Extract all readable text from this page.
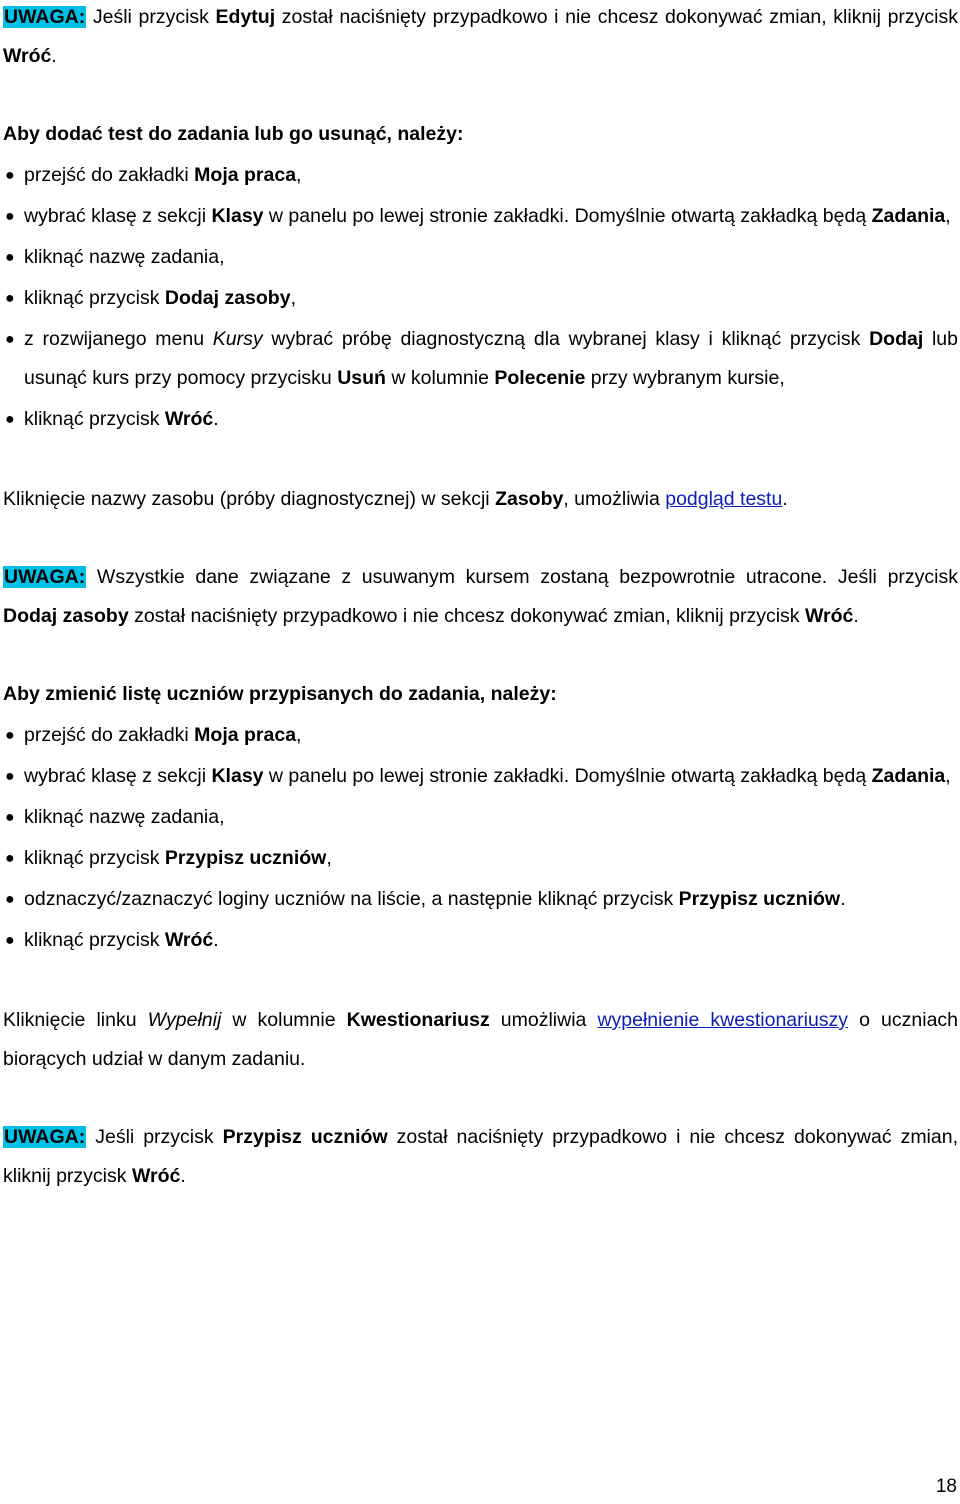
UWAGA: Jeśli przycisk Edytuj został naciśnięty przypadkowo i nie chcesz dokonywać zmian, kliknij przycisk Wróć.

Aby dodać test do zadania lub go usunąć, należy:

● przejść do zakładki Moja praca,
● wybrać klasę z sekcji Klasy w panelu po lewej stronie zakładki. Domyślnie otwartą zakładką będą Zadania,
● kliknąć nazwę zadania,
● kliknąć przycisk Dodaj zasoby,
● z rozwijanego menu Kursy wybrać próbę diagnostyczną dla wybranej klasy i kliknąć przycisk Dodaj lub usunąć kurs przy pomocy przycisku Usuń w kolumnie Polecenie przy wybranym kursie,
● kliknąć przycisk Wróć.

Kliknięcie nazwy zasobu (próby diagnostycznej) w sekcji Zasoby, umożliwia podgląd testu.

UWAGA: Wszystkie dane związane z usuwanym kursem zostaną bezpowrotnie utracone. Jeśli przycisk Dodaj zasoby został naciśnięty przypadkowo i nie chcesz dokonywać zmian, kliknij przycisk Wróć.

Aby zmienić listę uczniów przypisanych do zadania, należy:

● przejść do zakładki Moja praca,
● wybrać klasę z sekcji Klasy w panelu po lewej stronie zakładki. Domyślnie otwartą zakładką będą Zadania,
● kliknąć nazwę zadania,
● kliknąć przycisk Przypisz uczniów,
● odznaczyć/zaznaczyć loginy uczniów na liście, a następnie kliknąć przycisk Przypisz uczniów.
● kliknąć przycisk Wróć.

Kliknięcie linku Wypełnij w kolumnie Kwestionariusz umożliwia wypełnienie kwestionariuszy o uczniach biorących udział w danym zadaniu.

UWAGA: Jeśli przycisk Przypisz uczniów został naciśnięty przypadkowo i nie chcesz dokonywać zmian, kliknij przycisk Wróć.

18
